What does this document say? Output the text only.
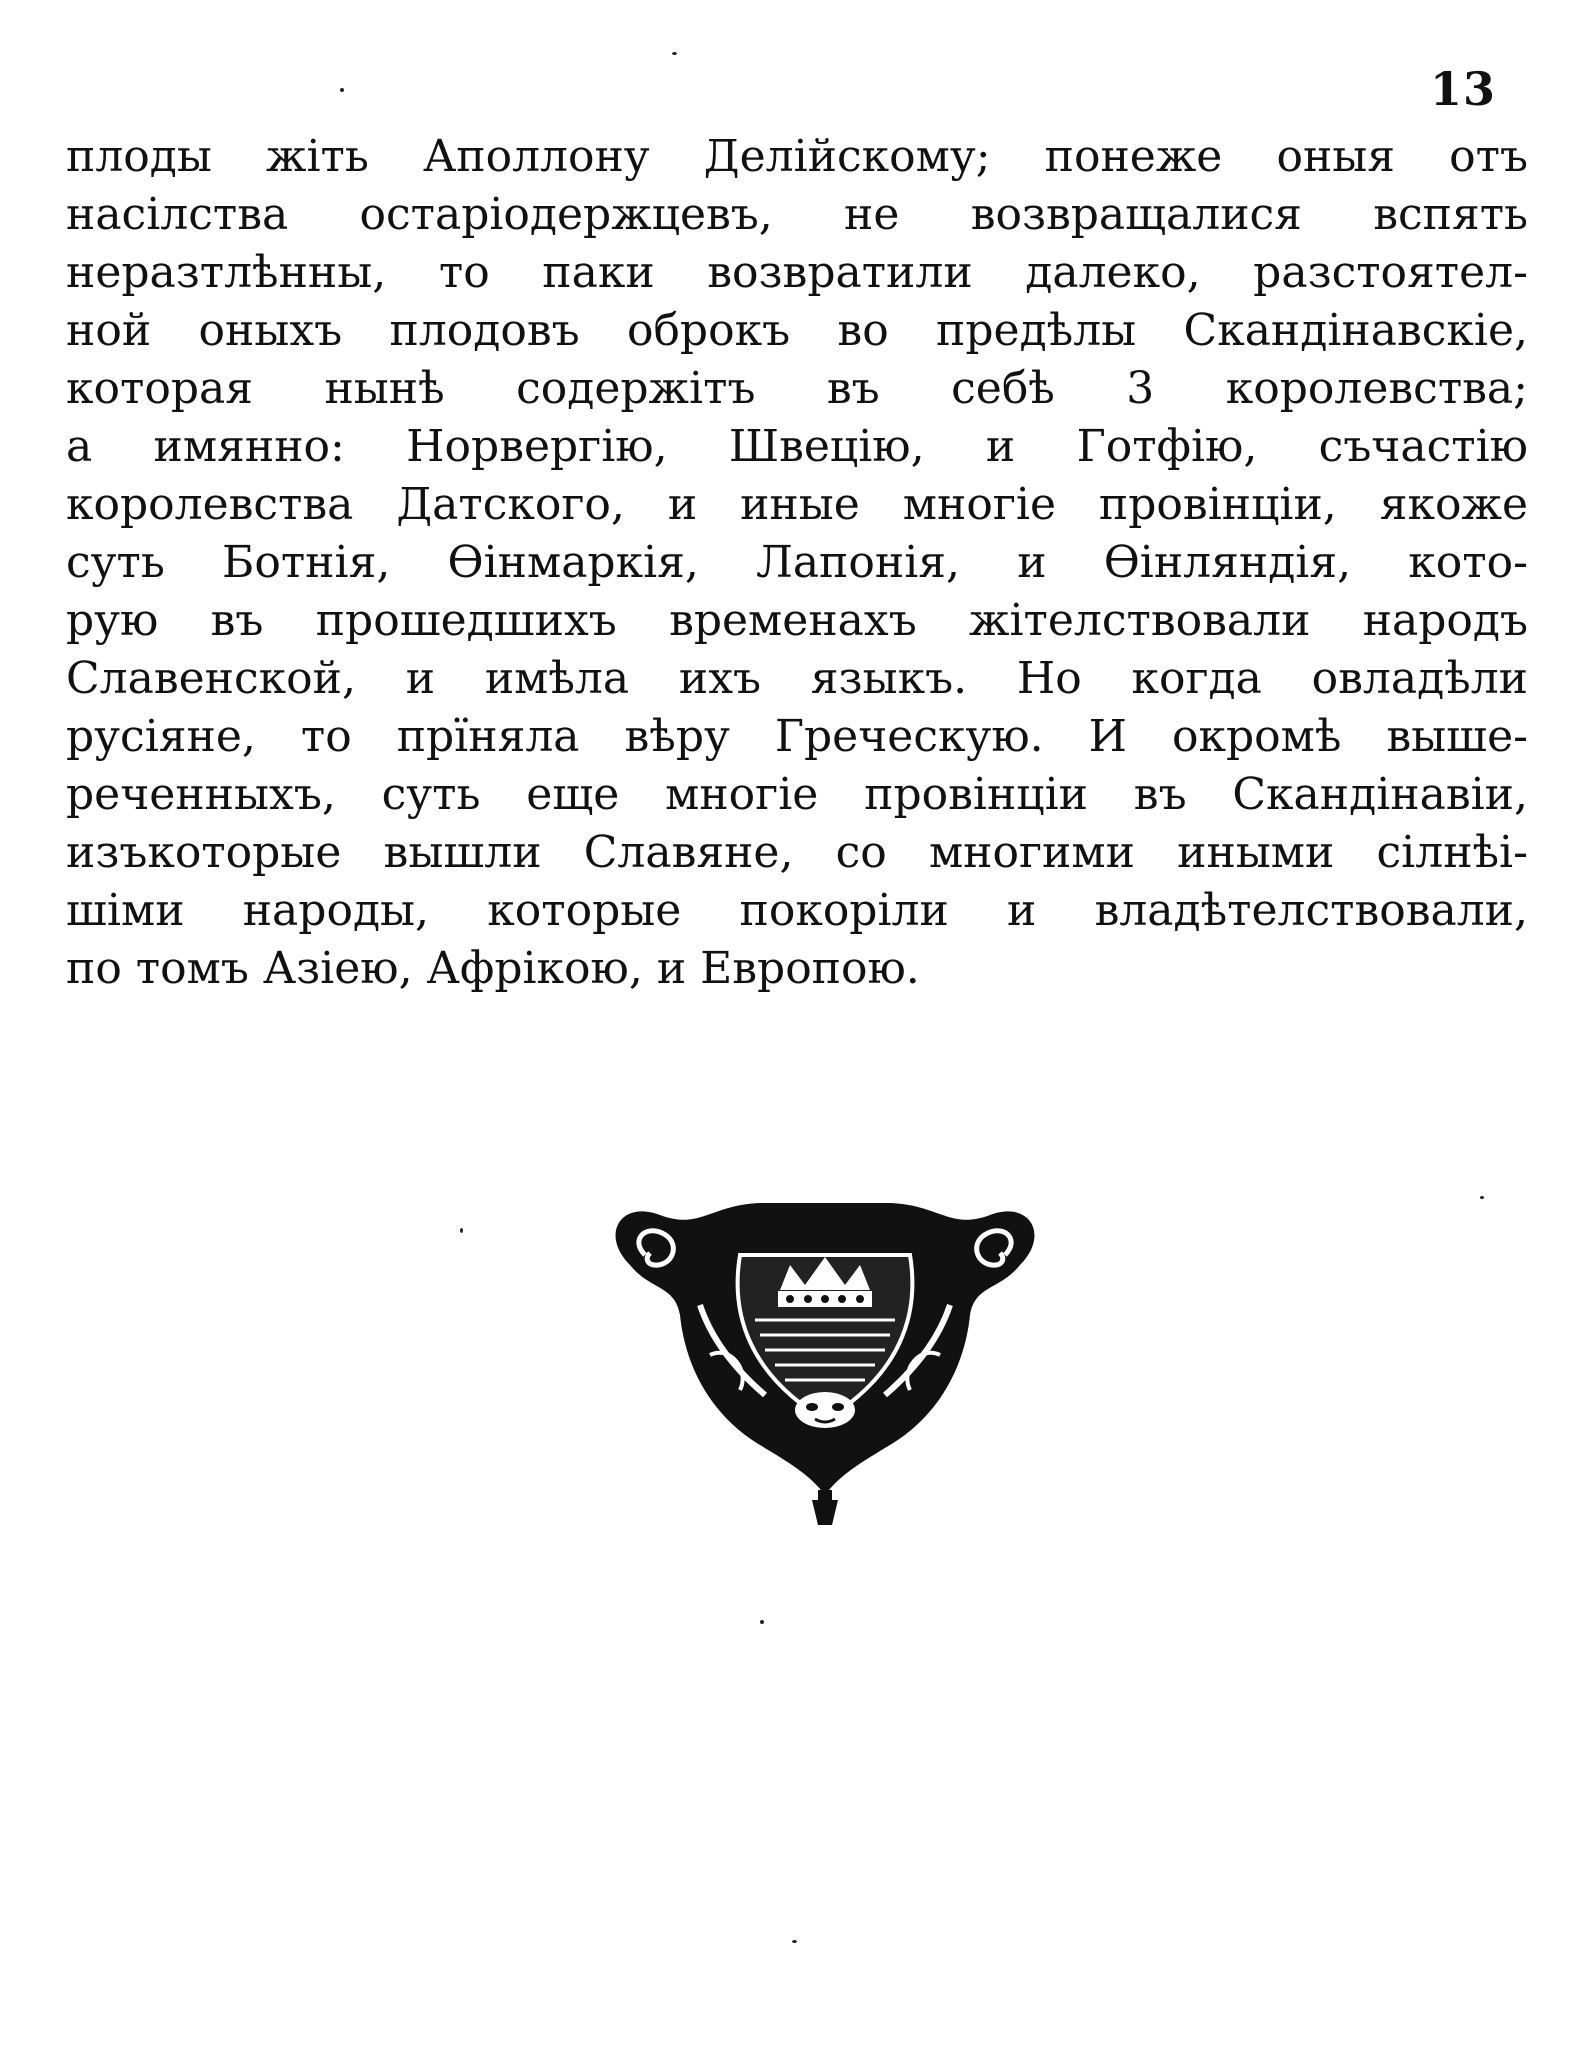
13
плоды жіть Аполлону Делійскому; понеже оныя отъ
насілствa остаріодержцевъ, не возвращалися вспять
неразтлѣнны, то паки возвратили далеко, разстоятел-
ной оныхъ плодовъ оброкъ во предѣлы Скандінавскіе,
которая нынѣ содержітъ въ себѣ 3 королевства;
а имянно: Норвергію, Швецію, и Готфію, съчастію
королевства Датского, и иные многіе провінціи, якоже
суть Ботнія, Өінмаркія, Лапонія, и Өінляндія, кото-
рую въ прошедшихъ временахъ жітелствовали народъ
Славенской, и имѣла ихъ языкъ. Но когда овладѣли
русіяне, то прїняла вѣру Греческую. И окромѣ выше-
реченныхъ, суть еще многіе провінціи въ Скандінавіи,
изъкоторые вышли Славяне, со многими иными сілнѣі-
шіми народы, которые покоріли и владѣтелствовали,
по томъ Азіею, Афрікою, и Европою.
